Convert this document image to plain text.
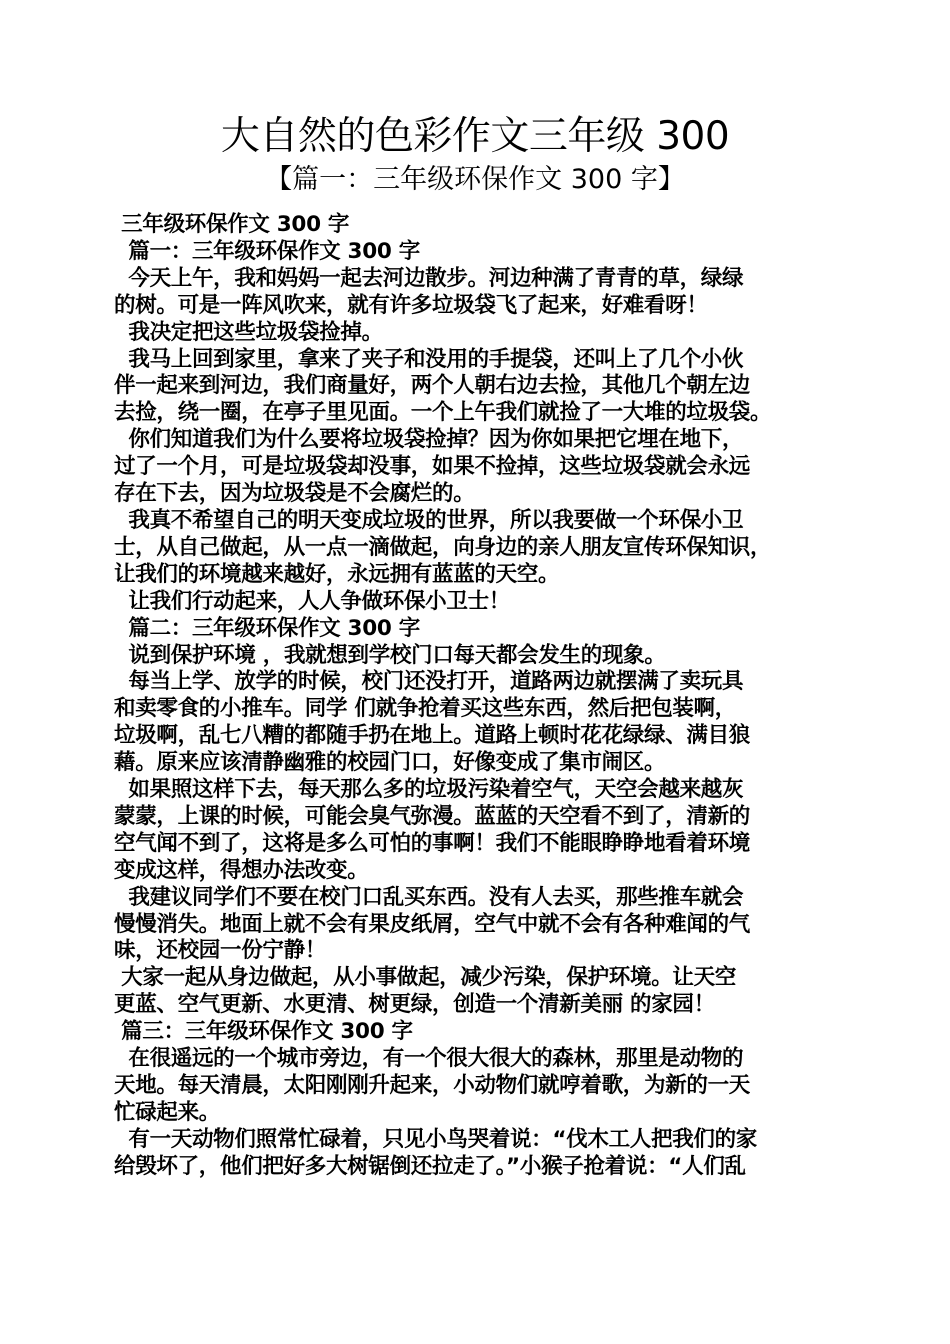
大自然的色彩作文三年级 300
【篇一：三年级环保作文 300 字】
三年级环保作文 300 字
篇一：三年级环保作文 300 字
今天上午，我和妈妈一起去河边散步。河边种满了青青的草，绿绿
的树。可是一阵风吹来，就有许多垃圾袋飞了起来，好难看呀！
我决定把这些垃圾袋捡掉。
我马上回到家里，拿来了夹子和没用的手提袋，还叫上了几个小伙
伴一起来到河边，我们商量好，两个人朝右边去捡，其他几个朝左边
去捡，绕一圈，在亭子里见面。一个上午我们就捡了一大堆的垃圾袋。
你们知道我们为什么要将垃圾袋捡掉？因为你如果把它埋在地下，
过了一个月，可是垃圾袋却没事，如果不捡掉，这些垃圾袋就会永远
存在下去，因为垃圾袋是不会腐烂的。
我真不希望自己的明天变成垃圾的世界，所以我要做一个环保小卫
士，从自己做起，从一点一滴做起，向身边的亲人朋友宣传环保知识，
让我们的环境越来越好，永远拥有蓝蓝的天空。
让我们行动起来，人人争做环保小卫士！
篇二：三年级环保作文 300 字
说到保护环境 ，我就想到学校门口每天都会发生的现象。
每当上学、放学的时候，校门还没打开，道路两边就摆满了卖玩具
和卖零食的小推车。同学 们就争抢着买这些东西，然后把包装啊，
垃圾啊，乱七八糟的都随手扔在地上。道路上顿时花花绿绿、满目狼
藉。原来应该清静幽雅的校园门口，好像变成了集市闹区。
如果照这样下去，每天那么多的垃圾污染着空气，天空会越来越灰
蒙蒙，上课的时候，可能会臭气弥漫。蓝蓝的天空看不到了，清新的
空气闻不到了，这将是多么可怕的事啊！我们不能眼睁睁地看着环境
变成这样，得想办法改变。
我建议同学们不要在校门口乱买东西。没有人去买，那些推车就会
慢慢消失。地面上就不会有果皮纸屑，空气中就不会有各种难闻的气
味，还校园一份宁静！
大家一起从身边做起，从小事做起，减少污染，保护环境。让天空
更蓝、空气更新、水更清、树更绿，创造一个清新美丽 的家园！
篇三：三年级环保作文 300 字
在很遥远的一个城市旁边，有一个很大很大的森林，那里是动物的
天地。每天清晨，太阳刚刚升起来，小动物们就哼着歌，为新的一天
忙碌起来。
有一天动物们照常忙碌着，只见小鸟哭着说：“伐木工人把我们的家
给毁坏了，他们把好多大树锯倒还拉走了。”小猴子抢着说：“人们乱
